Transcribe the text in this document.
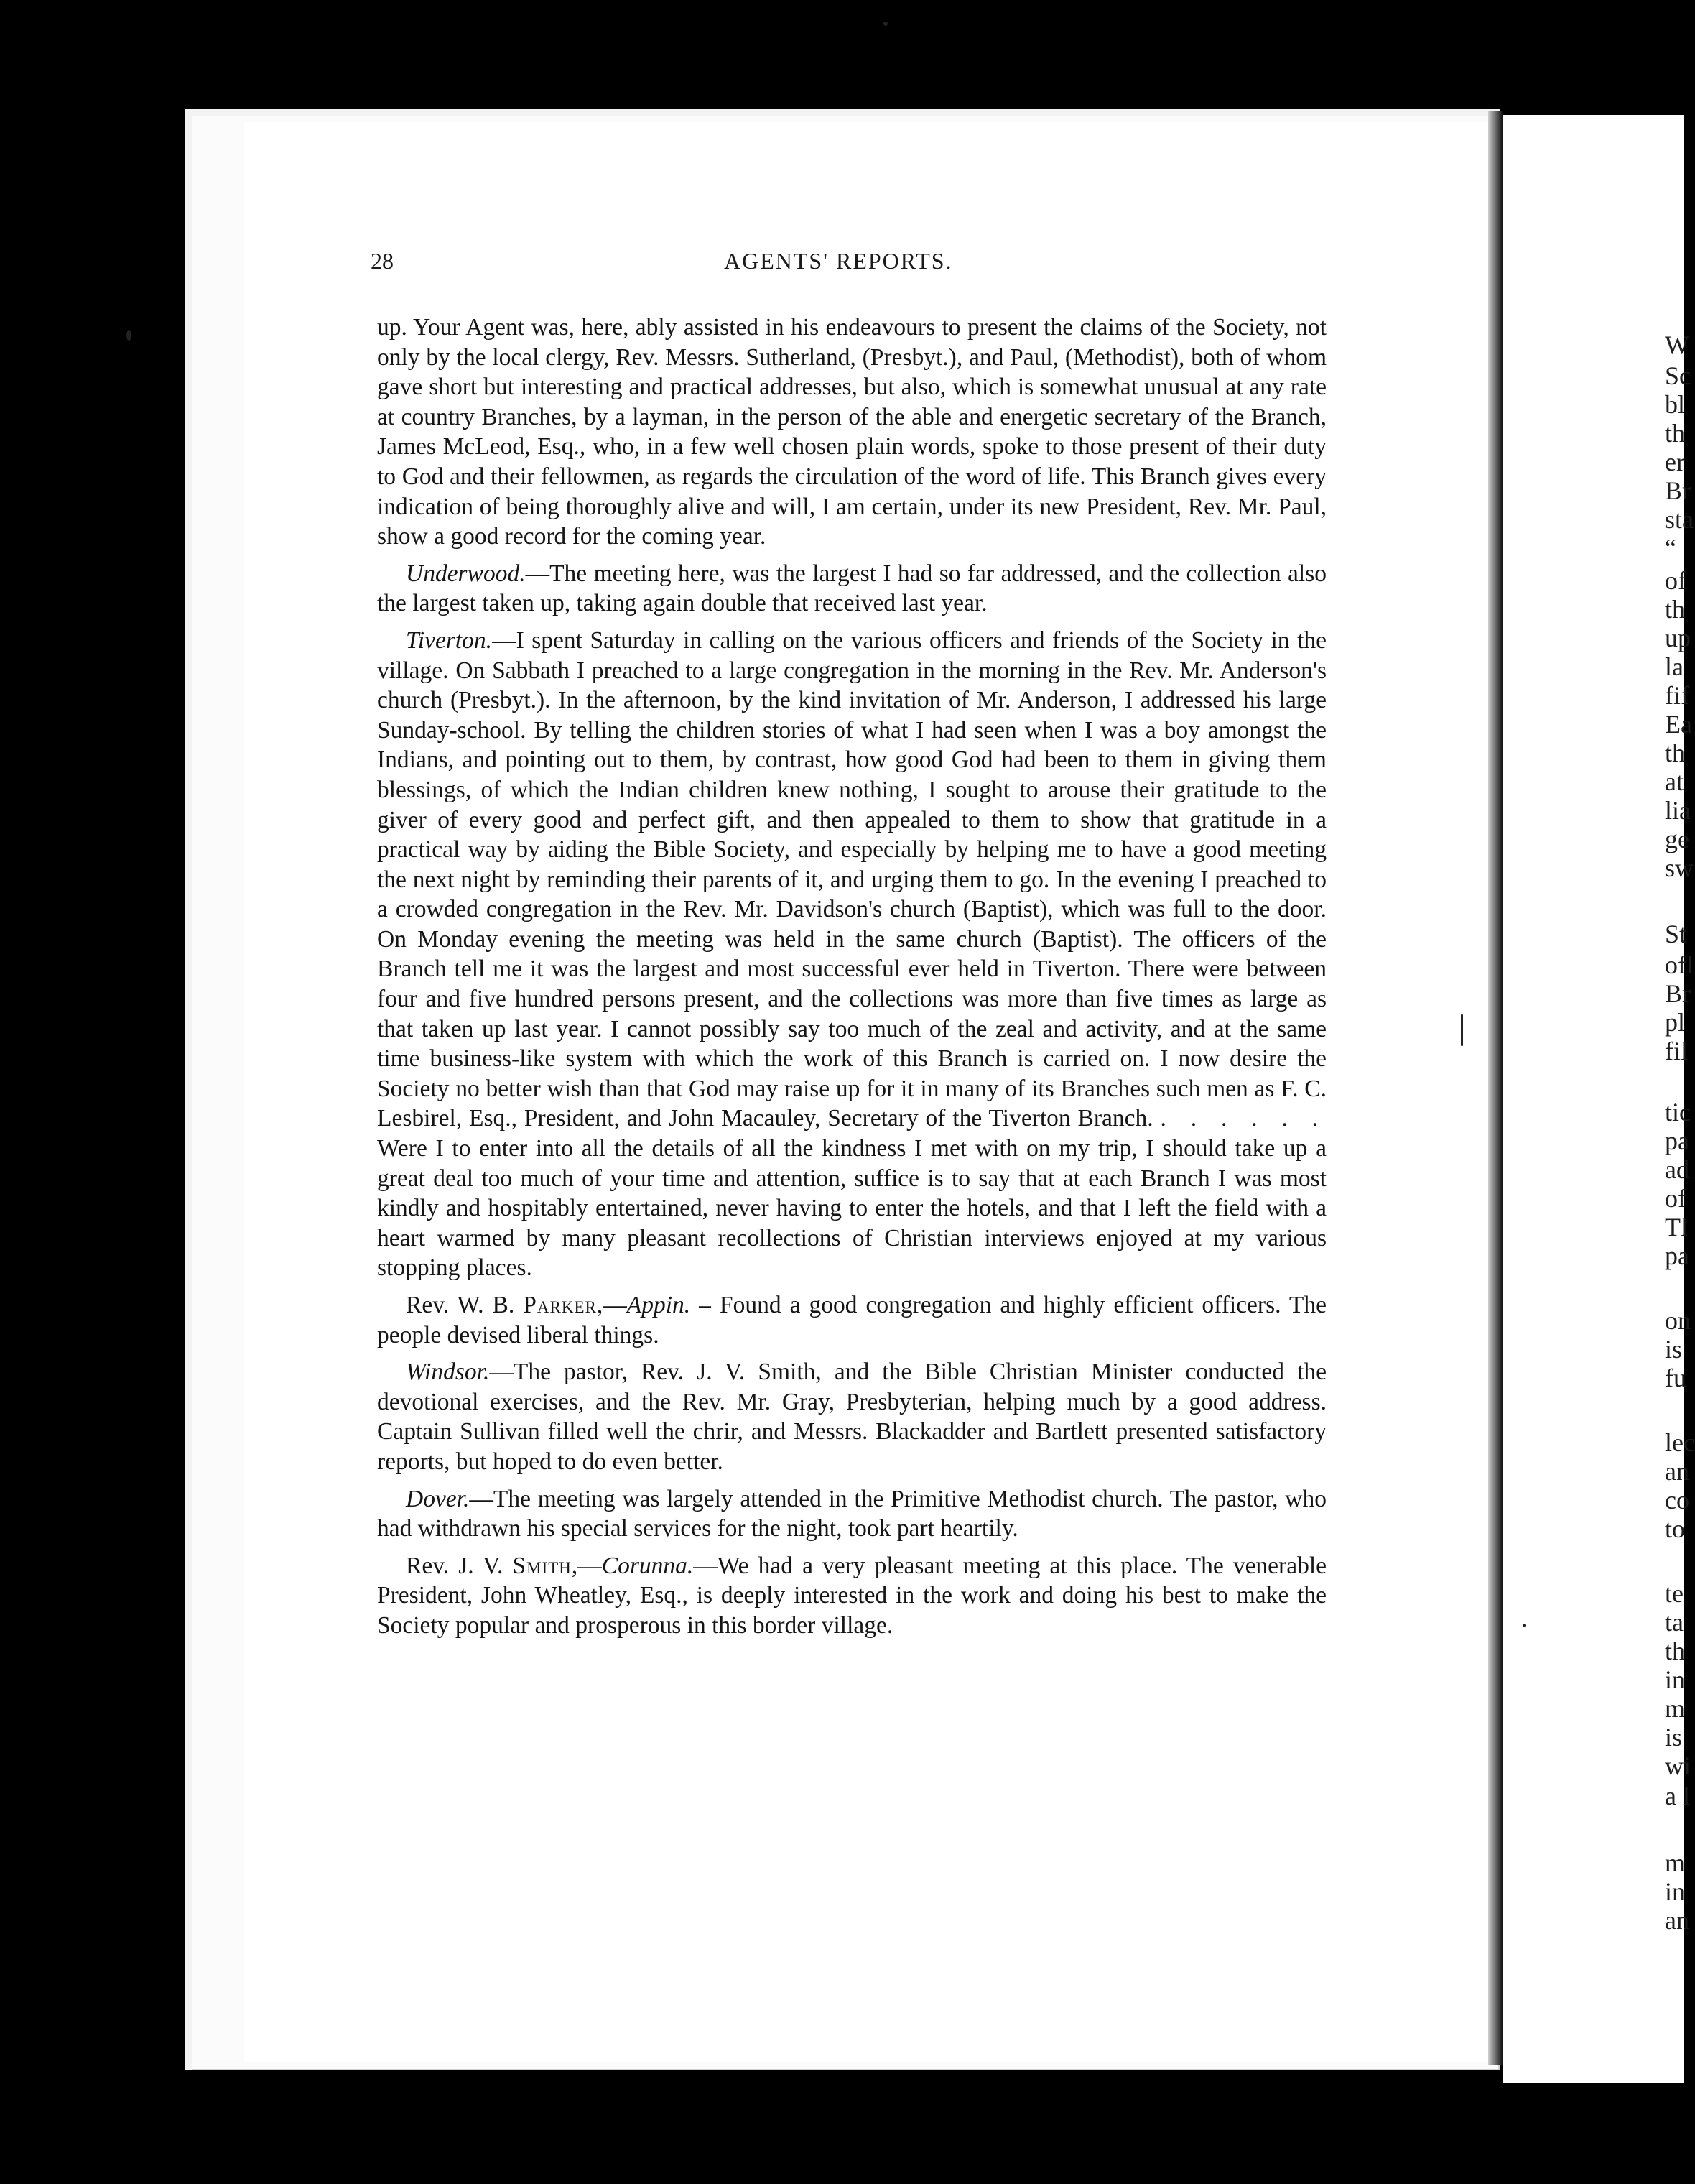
W
Sc
bl
th
er
Br
sta
“
of
th
up
la
fif
Ea
th
at
lia
ge
sw
St
ofl
Br
pl
fil
tic
pa
ad
of
Tl
pa
on
is
fu
lec
an
co
to
te
ta
th
in
m
is
wi
a l
m
in
an
28	AGENTS' REPORTS.

up. Your Agent was, here, ably assisted in his endeavours to present the claims of the Society, not only by the local clergy, Rev. Messrs. Sutherland, (Presbyt.), and Paul, (Methodist), both of whom gave short but interesting and practical addresses, but also, which is somewhat unusual at any rate at country Branches, by a layman, in the person of the able and energetic secretary of the Branch, James McLeod, Esq., who, in a few well chosen plain words, spoke to those present of their duty to God and their fellowmen, as regards the circulation of the word of life. This Branch gives every indication of being thoroughly alive and will, I am certain, under its new President, Rev. Mr. Paul, show a good record for the coming year.

Underwood.—The meeting here, was the largest I had so far addressed, and the collection also the largest taken up, taking again double that received last year.

Tiverton.—I spent Saturday in calling on the various officers and friends of the Society in the village. On Sabbath I preached to a large congregation in the morning in the Rev. Mr. Anderson's church (Presbyt.). In the afternoon, by the kind invitation of Mr. Anderson, I addressed his large Sunday-school. By telling the children stories of what I had seen when I was a boy amongst the Indians, and pointing out to them, by contrast, how good God had been to them in giving them blessings, of which the Indian children knew nothing, I sought to arouse their gratitude to the giver of every good and perfect gift, and then appealed to them to show that gratitude in a practical way by aiding the Bible Society, and especially by helping me to have a good meeting the next night by reminding their parents of it, and urging them to go. In the evening I preached to a crowded congregation in the Rev. Mr. Davidson's church (Baptist), which was full to the door. On Monday evening the meeting was held in the same church (Baptist). The officers of the Branch tell me it was the largest and most successful ever held in Tiverton. There were between four and five hundred persons present, and the collections was more than five times as large as that taken up last year. I cannot possibly say too much of the zeal and activity, and at the same time business-like system with which the work of this Branch is carried on. I now desire the Society no better wish than that God may raise up for it in many of its Branches such men as F. C. Lesbirel, Esq., President, and John Macauley, Secretary of the Tiverton Branch. . . . . . . Were I to enter into all the details of all the kindness I met with on my trip, I should take up a great deal too much of your time and attention, suffice is to say that at each Branch I was most kindly and hospitably entertained, never having to enter the hotels, and that I left the field with a heart warmed by many pleasant recollections of Christian interviews enjoyed at my various stopping places.

Rev. W. B. Parker,—Appin. – Found a good congregation and highly efficient officers. The people devised liberal things.

Windsor.—The pastor, Rev. J. V. Smith, and the Bible Christian Minister conducted the devotional exercises, and the Rev. Mr. Gray, Presbyterian, helping much by a good address. Captain Sullivan filled well the chrir, and Messrs. Blackadder and Bartlett presented satisfactory reports, but hoped to do even better.

Dover.—The meeting was largely attended in the Primitive Methodist church. The pastor, who had withdrawn his special services for the night, took part heartily.

Rev. J. V. Smith,—Corunna.—We had a very pleasant meeting at this place. The venerable President, John Wheatley, Esq., is deeply interested in the work and doing his best to make the Society popular and prosperous in this border village.
